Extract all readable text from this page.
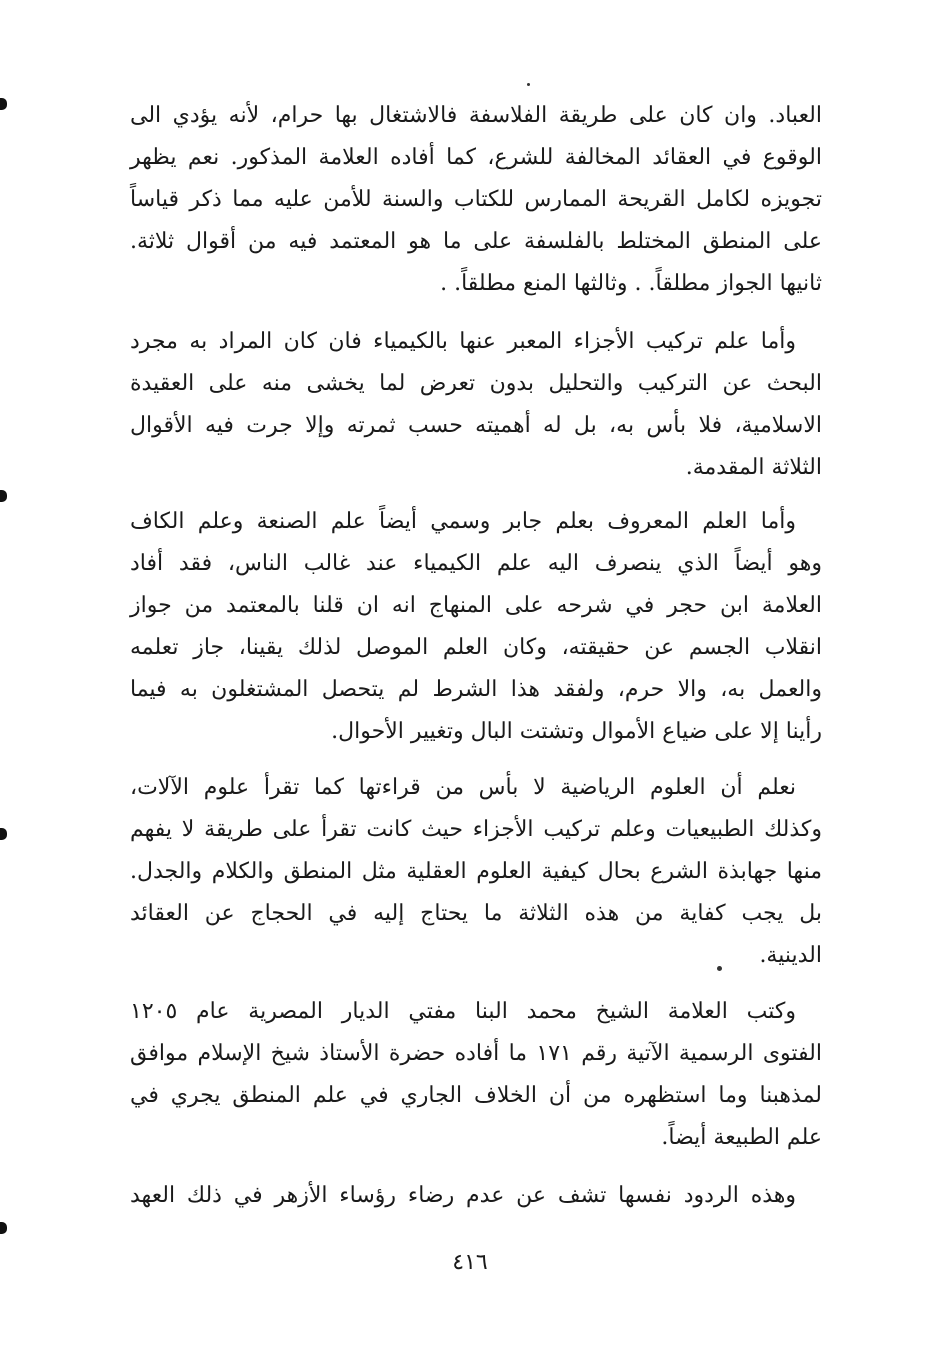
العباد. وان كان على طريقة الفلاسفة فالاشتغال بها حرام، لأنه يؤدي الى
الوقوع في العقائد المخالفة للشرع، كما أفاده العلامة المذكور. نعم يظهر
تجويزه لكامل القريحة الممارس للكتاب والسنة للأمن عليه مما ذكر قياساً
على المنطق المختلط بالفلسفة على ما هو المعتمد فيه من أقوال ثلاثة.
ثانيها الجواز مطلقاً. . وثالثها المنع مطلقاً. .
وأما علم تركيب الأجزاء المعبر عنها بالكيمياء فان كان المراد به مجرد
البحث عن التركيب والتحليل بدون تعرض لما يخشى منه على العقيدة
الاسلامية، فلا بأس به، بل له أهميته حسب ثمرته وإلا جرت فيه الأقوال
الثلاثة المقدمة.
وأما العلم المعروف بعلم جابر وسمي أيضاً علم الصنعة وعلم الكاف
وهو أيضاً الذي ينصرف اليه علم الكيمياء عند غالب الناس، فقد أفاد
العلامة ابن حجر في شرحه على المنهاج انه ان قلنا بالمعتمد من جواز
انقلاب الجسم عن حقيقته، وكان العلم الموصل لذلك يقينا، جاز تعلمه
والعمل به، والا حرم، ولفقد هذا الشرط لم يتحصل المشتغلون به فيما
رأينا إلا على ضياع الأموال وتشتت البال وتغيير الأحوال.
نعلم أن العلوم الرياضية لا بأس من قراءتها كما تقرأ علوم الآلات،
وكذلك الطبيعيات وعلم تركيب الأجزاء حيث كانت تقرأ على طريقة لا يفهم
منها جهابذة الشرع بحال كيفية العلوم العقلية مثل المنطق والكلام والجدل.
بل يجب كفاية من هذه الثلاثة ما يحتاج إليه في الحجاج عن العقائد
الدينية.
وكتب العلامة الشيخ محمد البنا مفتي الديار المصرية عام ١٢٠٥
الفتوى الرسمية الآتية رقم ١٧١ ما أفاده حضرة الأستاذ شيخ الإسلام موافق
لمذهبنا وما استظهره من أن الخلاف الجاري في علم المنطق يجري في
علم الطبيعة أيضاً.
وهذه الردود نفسها تشف عن عدم رضاء رؤساء الأزهر في ذلك العهد
٤١٦
